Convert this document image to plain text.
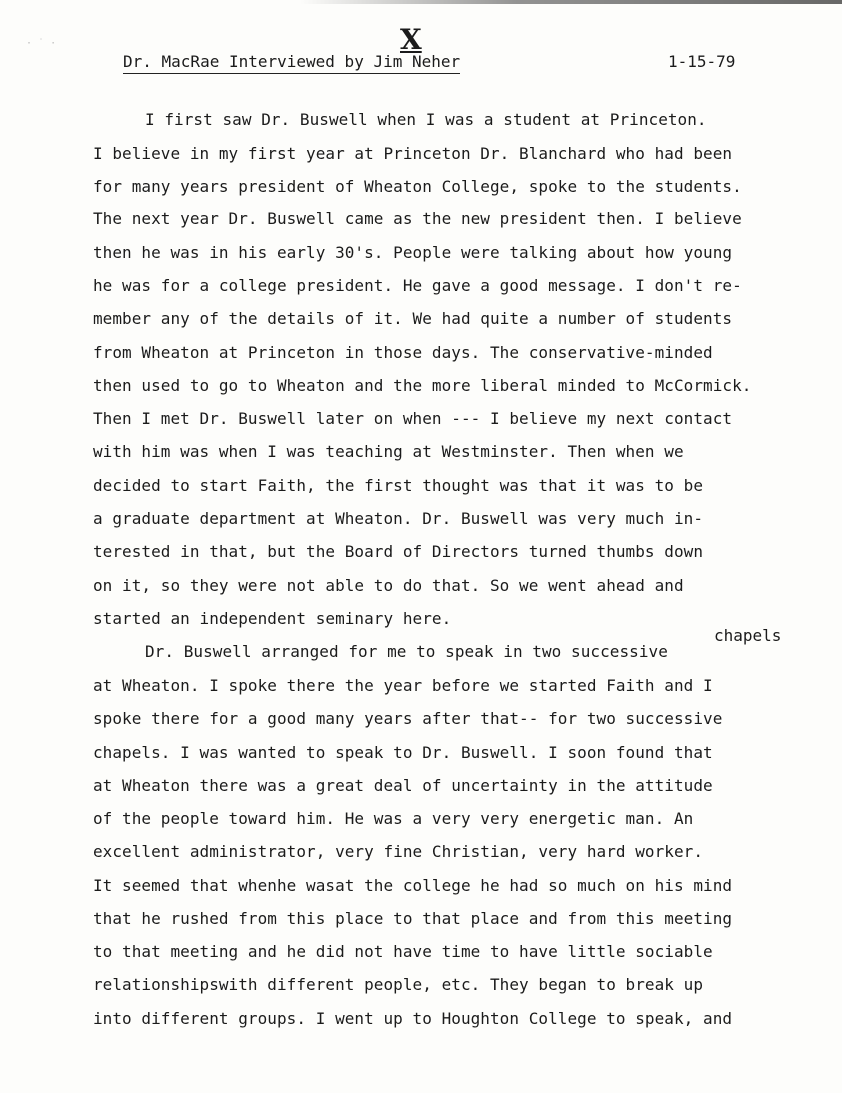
· ˙ ·	X
Dr. MacRae Interviewed by Jim Neher	1-15-79
I first saw Dr. Buswell when I was a student at Princeton.
I believe in my first year at Princeton Dr. Blanchard who had been
for many years president of Wheaton College, spoke to the students.
The next year Dr. Buswell came as the new president then. I believe
then he was in his early 30's. People were talking about how young
he was for a college president. He gave a good message. I don't re-
member any of the details of it. We had quite a number of students
from Wheaton at Princeton in those days. The conservative-minded
then used to go to Wheaton and the more liberal minded to McCormick.
Then I met Dr. Buswell later on when --- I believe my next contact
with him was when I was teaching at Westminster. Then when we
decided to start Faith, the first thought was that it was to be
a graduate department at Wheaton. Dr. Buswell was very much in-
terested in that, but the Board of Directors turned thumbs down
on it, so they were not able to do that. So we went ahead and
started an independent seminary here.
chapels
Dr. Buswell arranged for me to speak in two successive
at Wheaton. I spoke there the year before we started Faith and I
spoke there for a good many years after that-- for two successive
chapels. I was wanted to speak to Dr. Buswell. I soon found that
at Wheaton there was a great deal of uncertainty in the attitude
of the people toward him. He was a very very energetic man. An
excellent administrator, very fine Christian, very hard worker.
It seemed that whenhe wasat the college he had so much on his mind
that he rushed from this place to that place and from this meeting
to that meeting and he did not have time to have little sociable
relationshipswith different people, etc. They began to break up
into different groups. I went up to Houghton College to speak, and
